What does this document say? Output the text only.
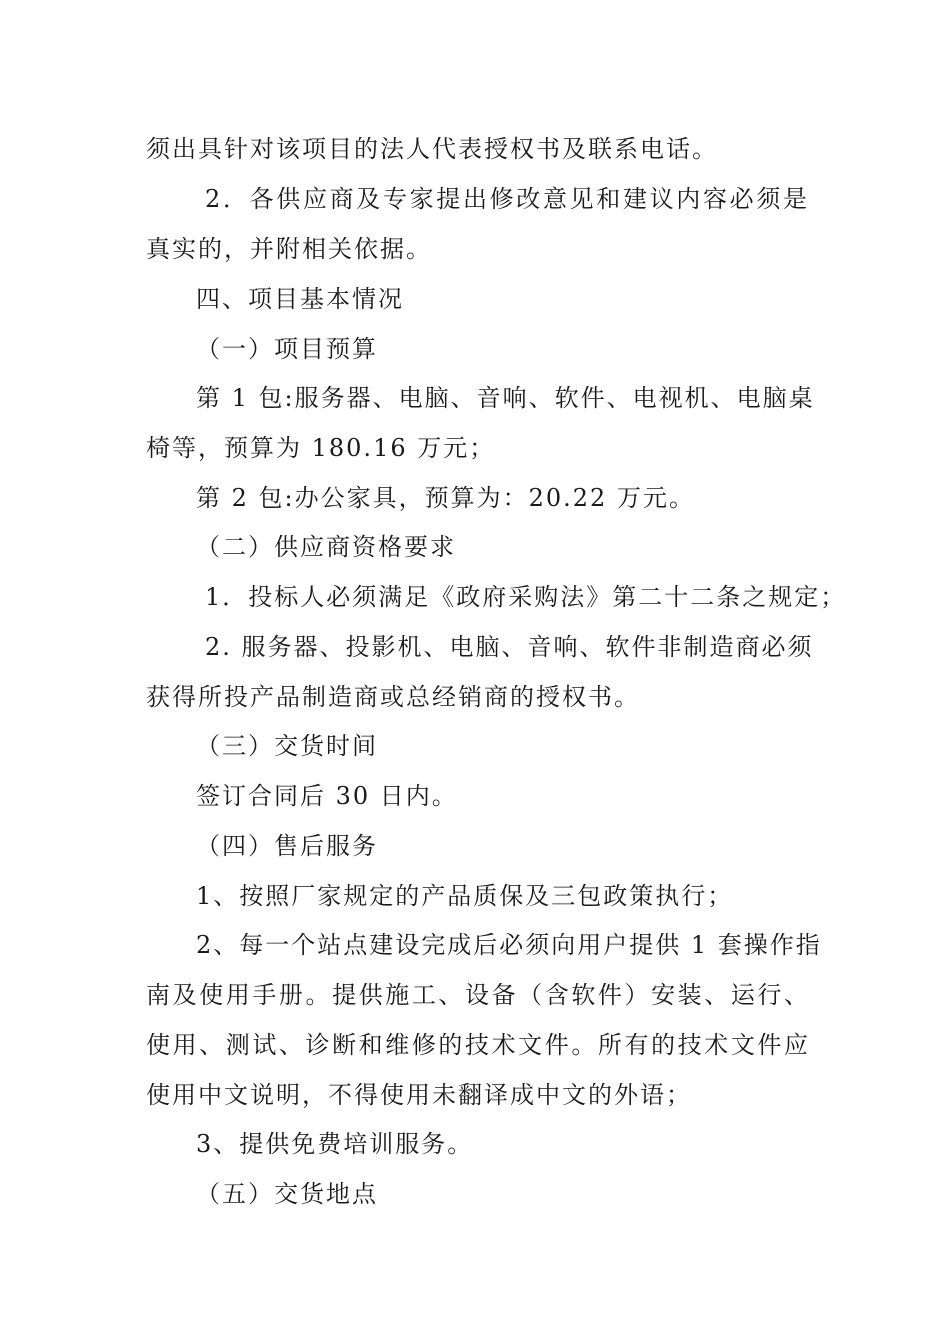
须出具针对该项目的法人代表授权书及联系电话。
2．各供应商及专家提出修改意见和建议内容必须是
真实的，并附相关依据。
四、项目基本情况
（一）项目预算
第 1 包:服务器、电脑、音响、软件、电视机、电脑桌
椅等，预算为 180.16 万元；
第 2 包:办公家具，预算为：20.22 万元。
（二）供应商资格要求
1．投标人必须满足《政府采购法》第二十二条之规定；
2. 服务器、投影机、电脑、音响、软件非制造商必须
获得所投产品制造商或总经销商的授权书。
（三）交货时间
签订合同后 30 日内。
（四）售后服务
1、按照厂家规定的产品质保及三包政策执行；
2、每一个站点建设完成后必须向用户提供 1 套操作指
南及使用手册。提供施工、设备（含软件）安装、运行、
使用、测试、诊断和维修的技术文件。所有的技术文件应
使用中文说明，不得使用未翻译成中文的外语；
3、提供免费培训服务。
（五）交货地点
